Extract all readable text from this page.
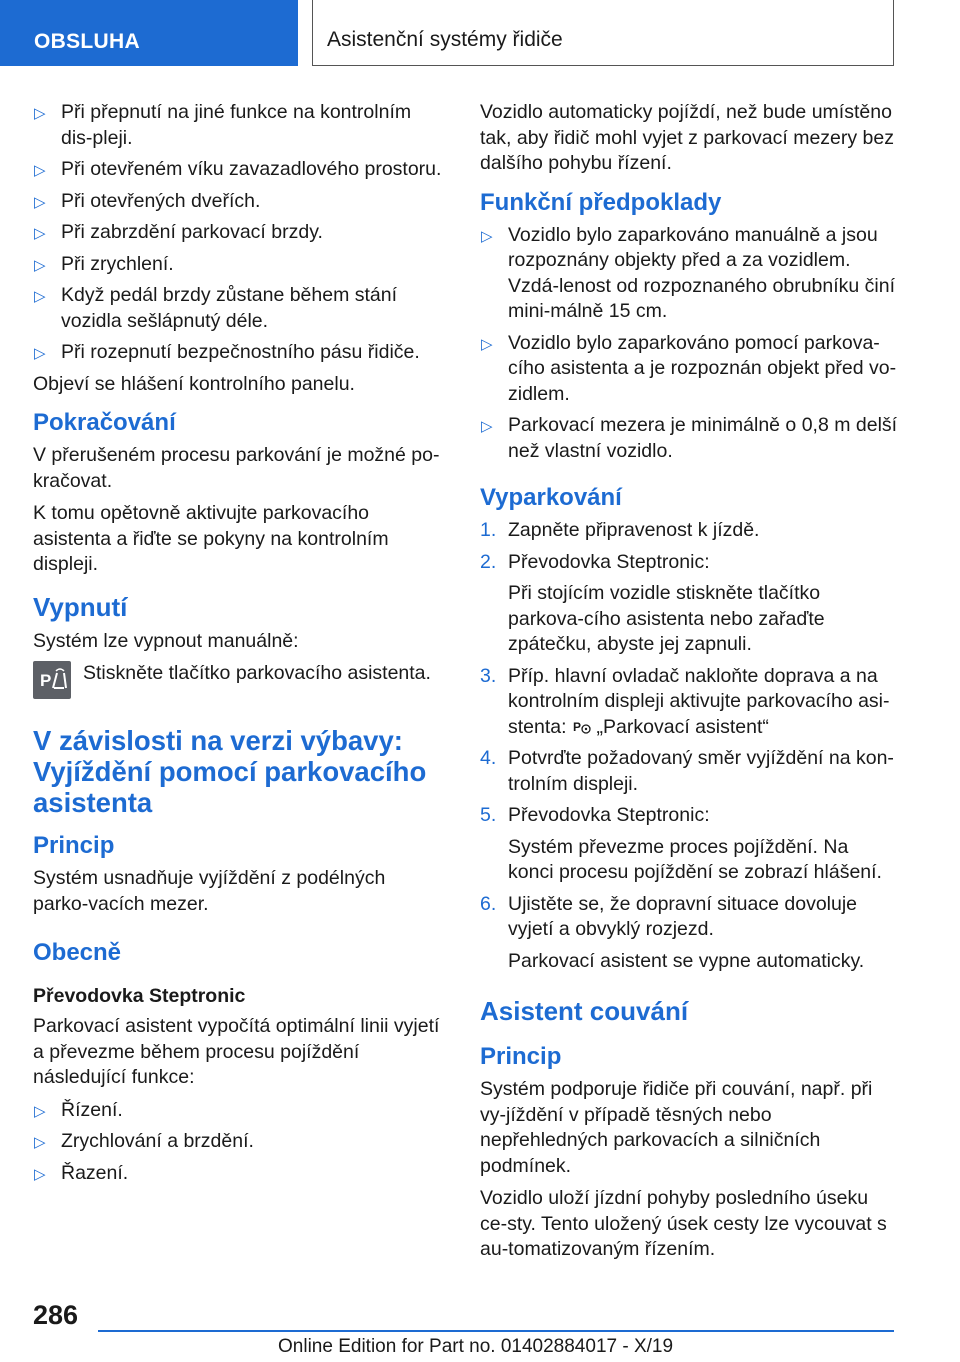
OBSLUHA	Asistenční systémy řidiče
▷ Při přepnutí na jiné funkce na kontrolním dis-pleji.
▷ Při otevřeném víku zavazadlového prostoru.
▷ Při otevřených dveřích.
▷ Při zabrzdění parkovací brzdy.
▷ Při zrychlení.
▷ Když pedál brzdy zůstane během stání vozidla sešlápnutý déle.
▷ Při rozepnutí bezpečnostního pásu řidiče.

Objeví se hlášení kontrolního panelu.

Pokračování

V přerušeném procesu parkování je možné po-kračovat.

K tomu opětovně aktivujte parkovacího asistenta a řiďte se pokyny na kontrolním displeji.

Vypnutí

Systém lze vypnout manuálně:

P Stiskněte tlačítko parkovacího asistenta.

V závislosti na verzi výbavy: Vyjíždění pomocí parkovacího asistenta
Princip

Systém usnadňuje vyjíždění z podélných parko-vacích mezer.

Obecně
Převodovka Steptronic

Parkovací asistent vypočítá optimální linii vyjetí a převezme během procesu pojíždění následující funkce:

▷ Řízení.
▷ Zrychlování a brzdění.
▷ Řazení.

Vozidlo automaticky pojíždí, než bude umístěno tak, aby řidič mohl vyjet z parkovací mezery bez dalšího pohybu řízení.

Funkční předpoklady
▷ Vozidlo bylo zaparkováno manuálně a jsou rozpoznány objekty před a za vozidlem. Vzdá-lenost od rozpoznaného obrubníku činí mini-málně 15 cm.
▷ Vozidlo bylo zaparkováno pomocí parkova-cího asistenta a je rozpoznán objekt před vo-zidlem.
▷ Parkovací mezera je minimálně o 0,8 m delší než vlastní vozidlo.
Vyparkování
1. Zapněte připravenost k jízdě.
2. Převodovka Steptronic:
Při stojícím vozidle stiskněte tlačítko parkova-cího asistenta nebo zařaďte zpátečku, abyste jej zapnuli.
3. Příp. hlavní ovladač nakloňte doprava a na kontrolním displeji aktivujte parkovacího asi-stenta: P „Parkovací asistent“
4. Potvrďte požadovaný směr vyjíždění na kon-trolním displeji.
5. Převodovka Steptronic:
Systém převezme proces pojíždění. Na konci procesu pojíždění se zobrazí hlášení.
6. Ujistěte se, že dopravní situace dovoluje vyjetí a obvyklý rozjezd.
Parkovací asistent se vypne automaticky.
Asistent couvání
Princip

Systém podporuje řidiče při couvání, např. při vy-jíždění v případě těsných nebo nepřehledných parkovacích a silničních podmínek.

Vozidlo uloží jízdní pohyby posledního úseku ce-sty. Tento uložený úsek cesty lze vycouvat s au-tomatizovaným řízením.

286
Online Edition for Part no. 01402884017 - X/19
